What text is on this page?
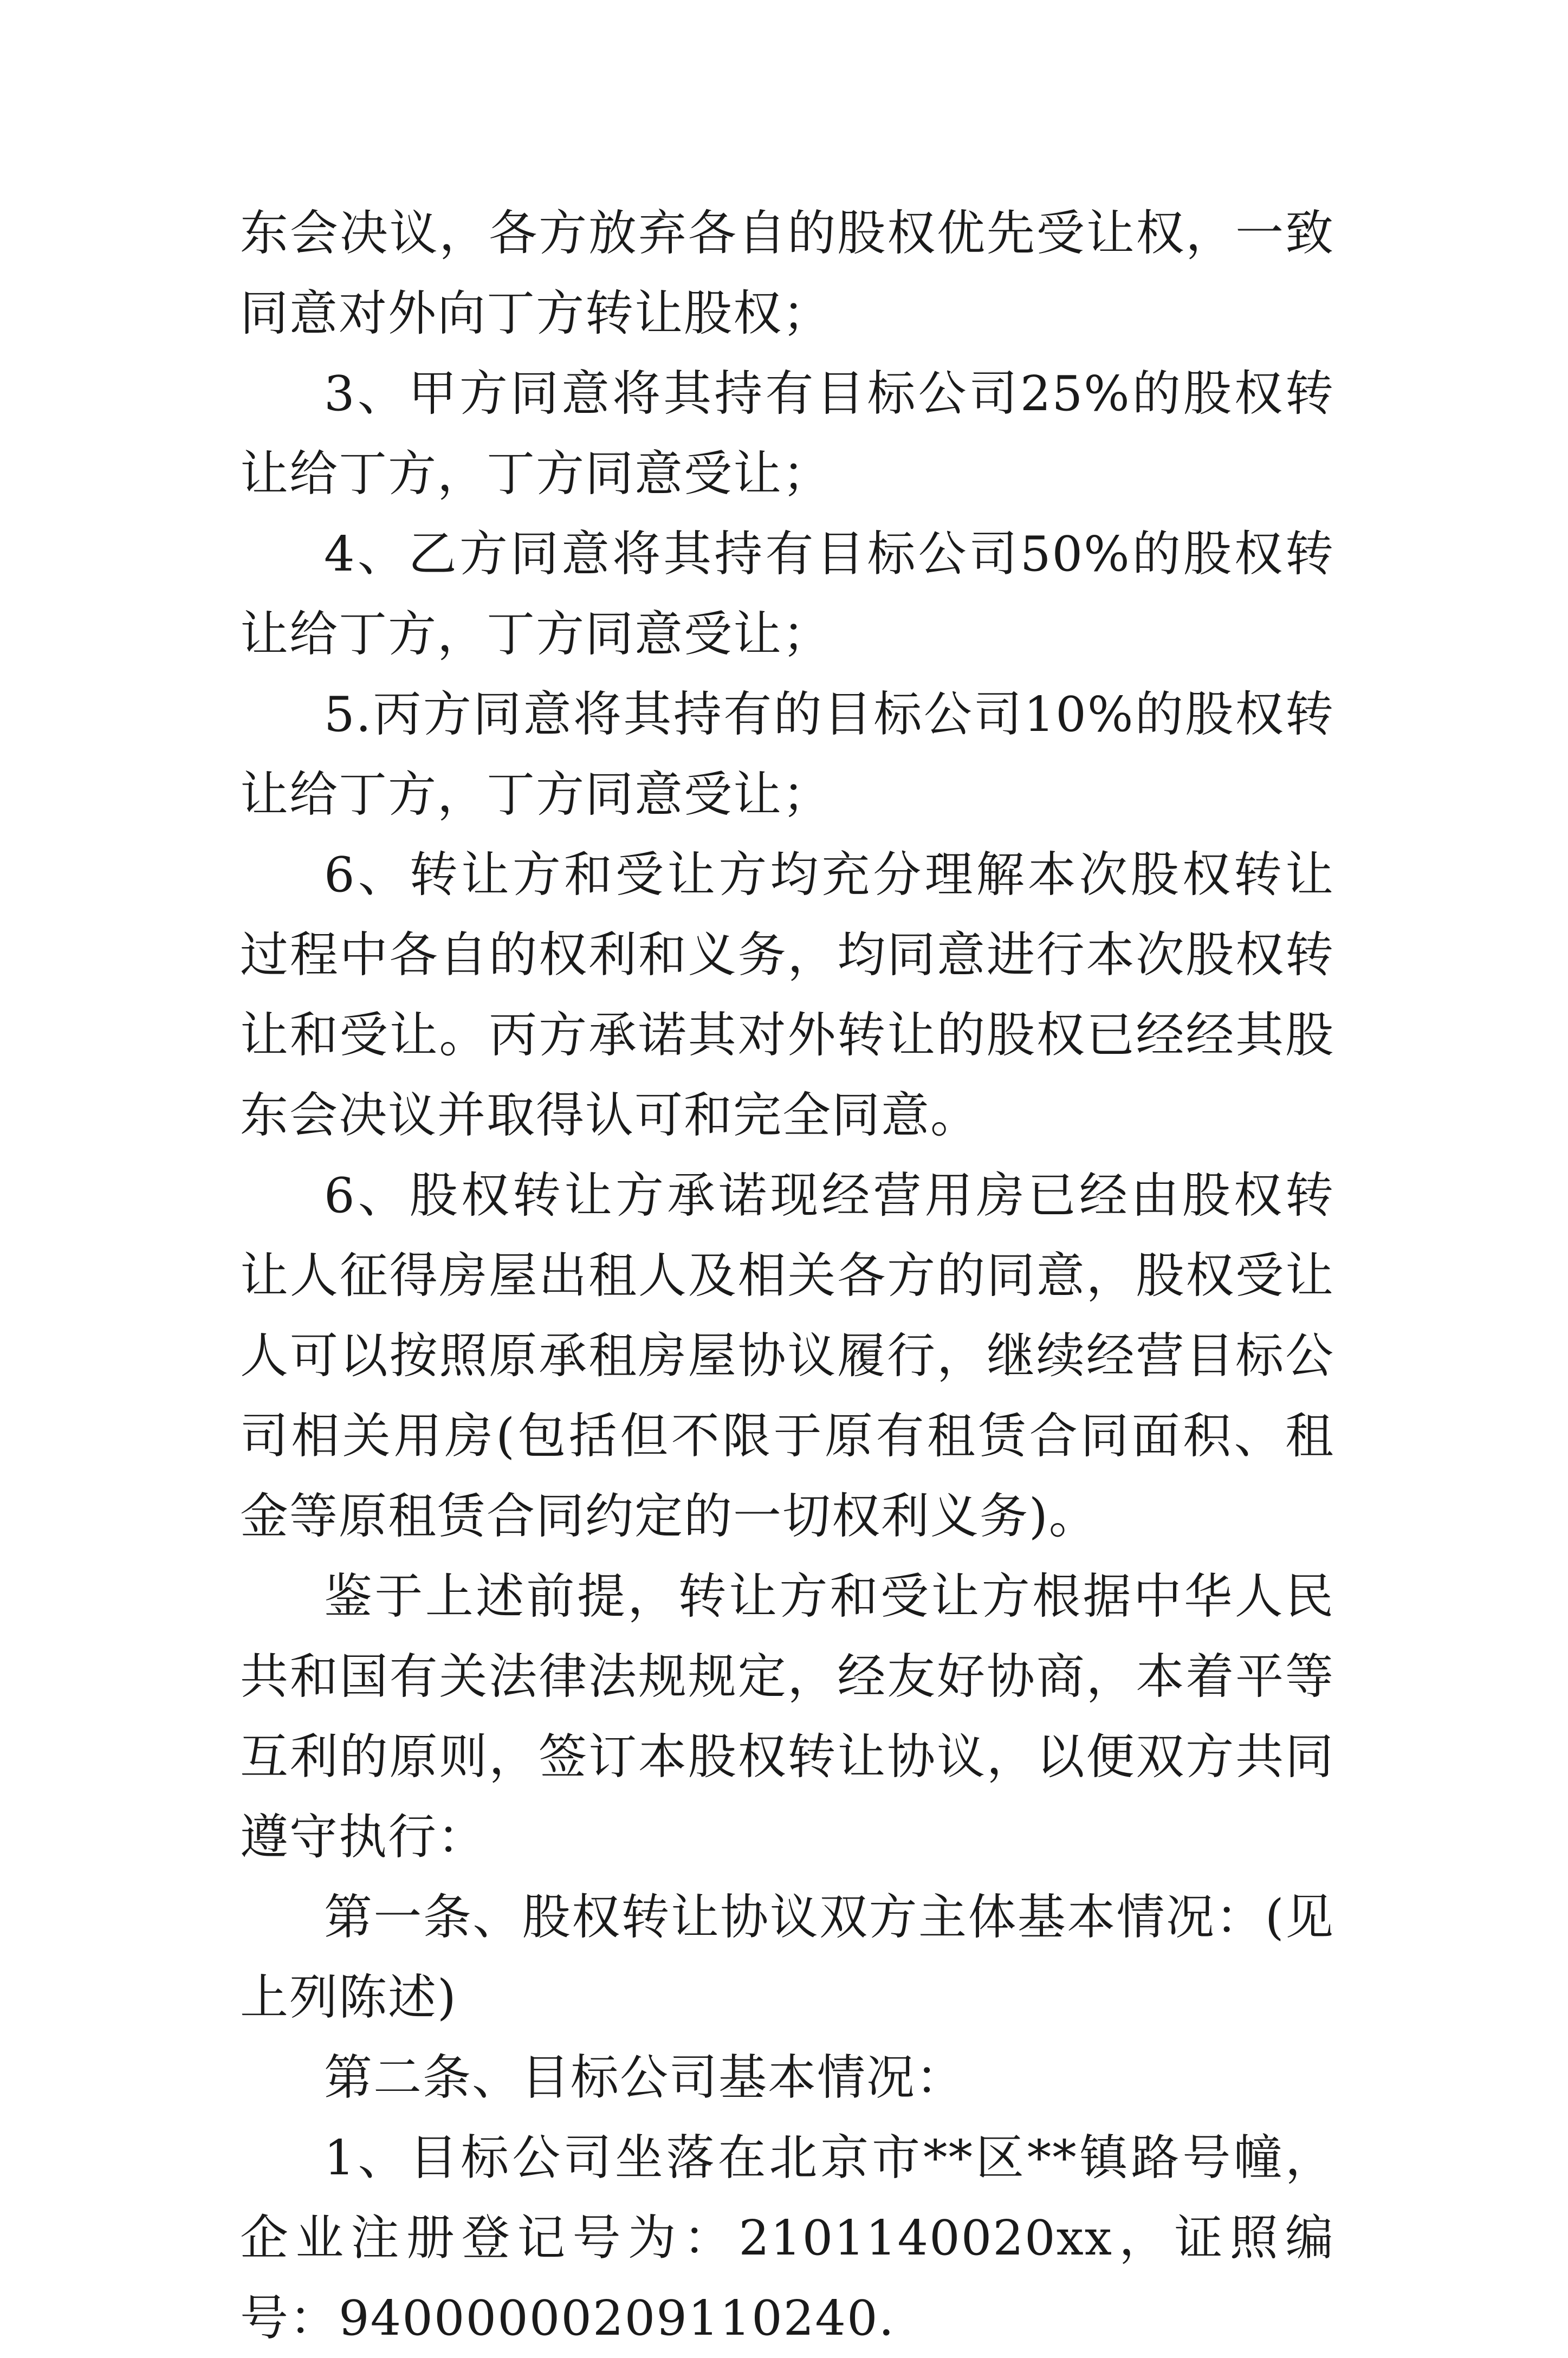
东会决议，各方放弃各自的股权优先受让权，一致同意对外向丁方转让股权；

3、甲方同意将其持有目标公司25%的股权转让给丁方，丁方同意受让；

4、乙方同意将其持有目标公司50%的股权转让给丁方，丁方同意受让；

5.丙方同意将其持有的目标公司10%的股权转让给丁方，丁方同意受让；

6、转让方和受让方均充分理解本次股权转让过程中各自的权利和义务，均同意进行本次股权转让和受让。丙方承诺其对外转让的股权已经经其股东会决议并取得认可和完全同意。

6、股权转让方承诺现经营用房已经由股权转让人征得房屋出租人及相关各方的同意，股权受让人可以按照原承租房屋协议履行，继续经营目标公司相关用房(包括但不限于原有租赁合同面积、租金等原租赁合同约定的一切权利义务)。

鉴于上述前提，转让方和受让方根据中华人民共和国有关法律法规规定，经友好协商，本着平等互利的原则，签订本股权转让协议，以便双方共同遵守执行：

第一条、股权转让协议双方主体基本情况：(见上列陈述)

第二条、目标公司基本情况：

1、目标公司坐落在北京市**区**镇路号幢，企业注册登记号为：2101140020xx，证照编号：94000000209110240.
